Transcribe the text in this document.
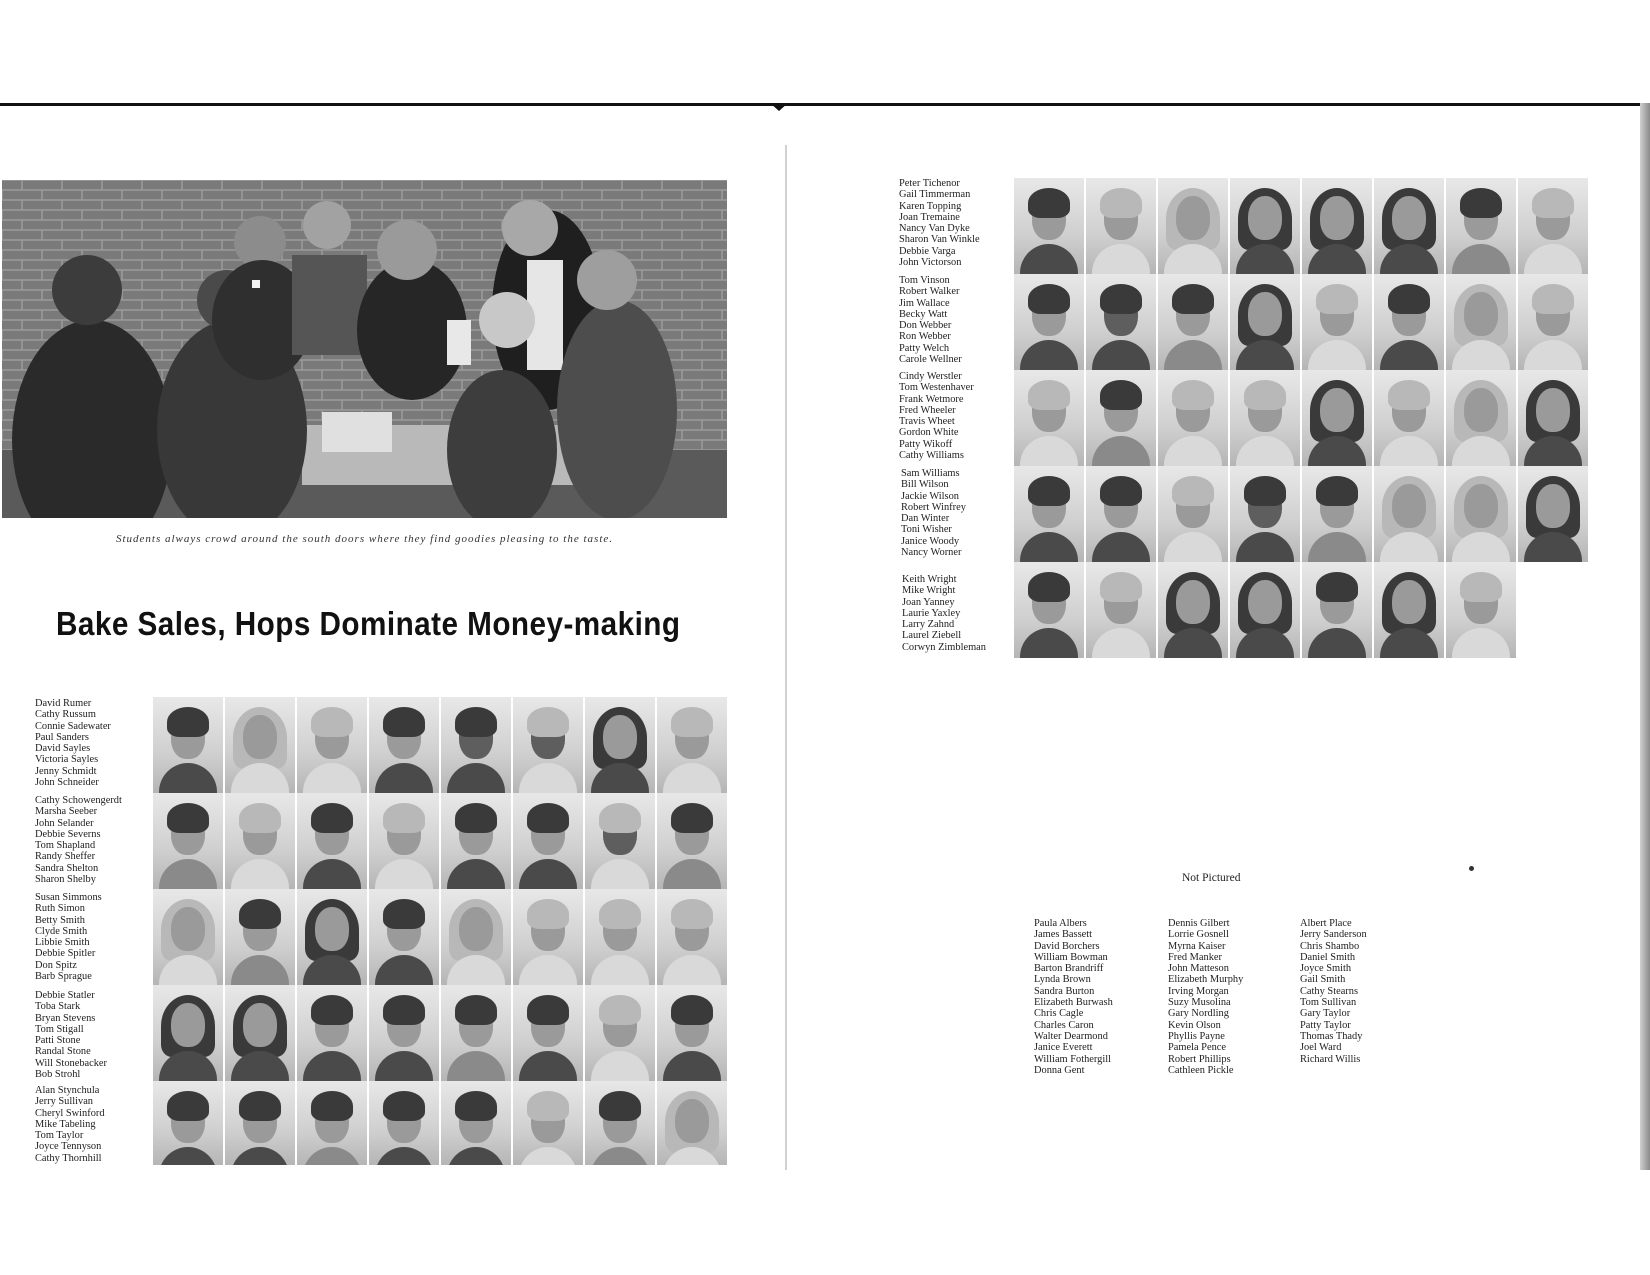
Students always crowd around the south doors where they find goodies pleasing to the taste.
Bake Sales, Hops Dominate Money-making
David Rumer
Cathy Russum
Connie Sadewater
Paul Sanders
David Sayles
Victoria Sayles
Jenny Schmidt
John Schneider
Cathy Schowengerdt
Marsha Seeber
John Selander
Debbie Severns
Tom Shapland
Randy Sheffer
Sandra Shelton
Sharon Shelby
Susan Simmons
Ruth Simon
Betty Smith
Clyde Smith
Libbie Smith
Debbie Spitler
Don Spitz
Barb Sprague
Debbie Statler
Toba Stark
Bryan Stevens
Tom Stigall
Patti Stone
Randal Stone
Will Stonebacker
Bob Strohl
Alan Stynchula
Jerry Sullivan
Cheryl Swinford
Mike Tabeling
Tom Taylor
Joyce Tennyson
Cathy Thornhill
Peter Tichenor
Gail Timmerman
Karen Topping
Joan Tremaine
Nancy Van Dyke
Sharon Van Winkle
Debbie Varga
John Victorson
Tom Vinson
Robert Walker
Jim Wallace
Becky Watt
Don Webber
Ron Webber
Patty Welch
Carole Wellner
Cindy Werstler
Tom Westenhaver
Frank Wetmore
Fred Wheeler
Travis Wheet
Gordon White
Patty Wikoff
Cathy Williams
Sam Williams
Bill Wilson
Jackie Wilson
Robert Winfrey
Dan Winter
Toni Wisher
Janice Woody
Nancy Worner
Keith Wright
Mike Wright
Joan Yanney
Laurie Yaxley
Larry Zahnd
Laurel Ziebell
Corwyn Zimbleman
Not Pictured
Paula Albers
James Bassett
David Borchers
William Bowman
Barton Brandriff
Lynda Brown
Sandra Burton
Elizabeth Burwash
Chris Cagle
Charles Caron
Walter Dearmond
Janice Everett
William Fothergill
Donna Gent
Dennis Gilbert
Lorrie Gosnell
Myrna Kaiser
Fred Manker
John Matteson
Elizabeth Murphy
Irving Morgan
Suzy Musolina
Gary Nordling
Kevin Olson
Phyllis Payne
Pamela Pence
Robert Phillips
Cathleen Pickle
Albert Place
Jerry Sanderson
Chris Shambo
Daniel Smith
Joyce Smith
Gail Smith
Cathy Stearns
Tom Sullivan
Gary Taylor
Patty Taylor
Thomas Thady
Joel Ward
Richard Willis
